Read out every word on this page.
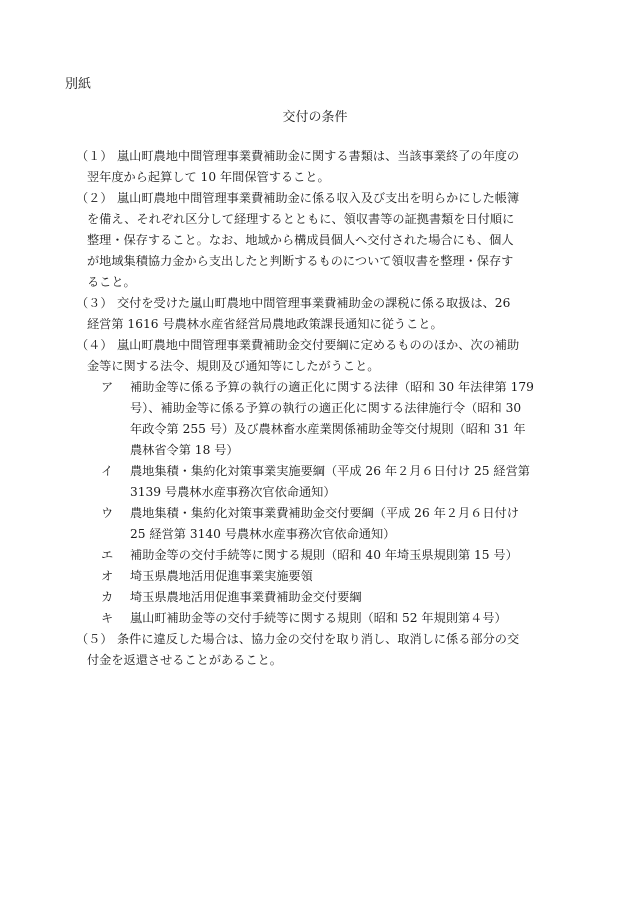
別紙
交付の条件
（１） 嵐山町農地中間管理事業費補助金に関する書類は、当該事業終了の年度の
翌年度から起算して 10 年間保管すること。
（２） 嵐山町農地中間管理事業費補助金に係る収入及び支出を明らかにした帳簿
を備え、それぞれ区分して経理するとともに、領収書等の証拠書類を日付順に
整理・保存すること。なお、地域から構成員個人へ交付された場合にも、個人
が地域集積協力金から支出したと判断するものについて領収書を整理・保存す
ること。
（３） 交付を受けた嵐山町農地中間管理事業費補助金の課税に係る取扱は、26
経営第 1616 号農林水産省経営局農地政策課長通知に従うこと。
（４） 嵐山町農地中間管理事業費補助金交付要綱に定めるもののほか、次の補助
金等に関する法令、規則及び通知等にしたがうこと。
ア	補助金等に係る予算の執行の適正化に関する法律（昭和 30 年法律第 179
号）、補助金等に係る予算の執行の適正化に関する法律施行令（昭和 30
年政令第 255 号）及び農林畜水産業関係補助金等交付規則（昭和 31 年
農林省令第 18 号）
イ	農地集積・集約化対策事業実施要綱（平成 26 年２月６日付け 25 経営第
3139 号農林水産事務次官依命通知）
ウ	農地集積・集約化対策事業費補助金交付要綱（平成 26 年２月６日付け
25 経営第 3140 号農林水産事務次官依命通知）
エ	補助金等の交付手続等に関する規則（昭和 40 年埼玉県規則第 15 号）
オ	埼玉県農地活用促進事業実施要領
カ	埼玉県農地活用促進事業費補助金交付要綱
キ	嵐山町補助金等の交付手続等に関する規則（昭和 52 年規則第４号）
（５） 条件に違反した場合は、協力金の交付を取り消し、取消しに係る部分の交
付金を返還させることがあること。
